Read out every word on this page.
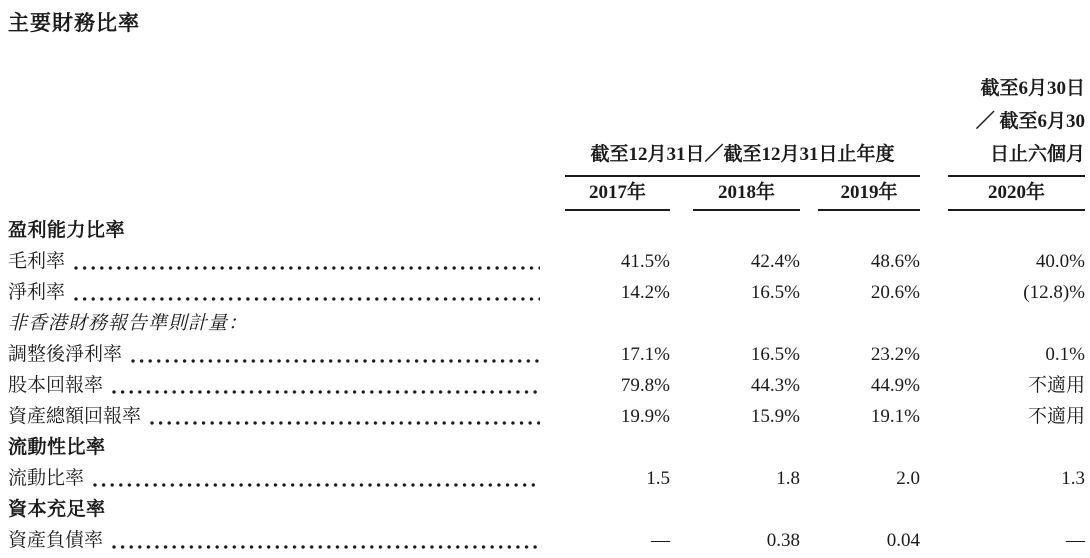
主要財務比率
截至12月31日／截至12月31日止年度
截至6月30日
／ 截至6月30
日止六個月
2017年	2018年	2019年	2020年
盈利能力比率
毛利率	41.5%	42.4%	48.6%	40.0%
淨利率	14.2%	16.5%	20.6%	(12.8)%
非香港財務報告準則計量：
調整後淨利率	17.1%	16.5%	23.2%	0.1%
股本回報率	79.8%	44.3%	44.9%	不適用
資產總額回報率	19.9%	15.9%	19.1%	不適用
流動性比率
流動比率	1.5	1.8	2.0	1.3
資本充足率
資產負債率	—	0.38	0.04	—
